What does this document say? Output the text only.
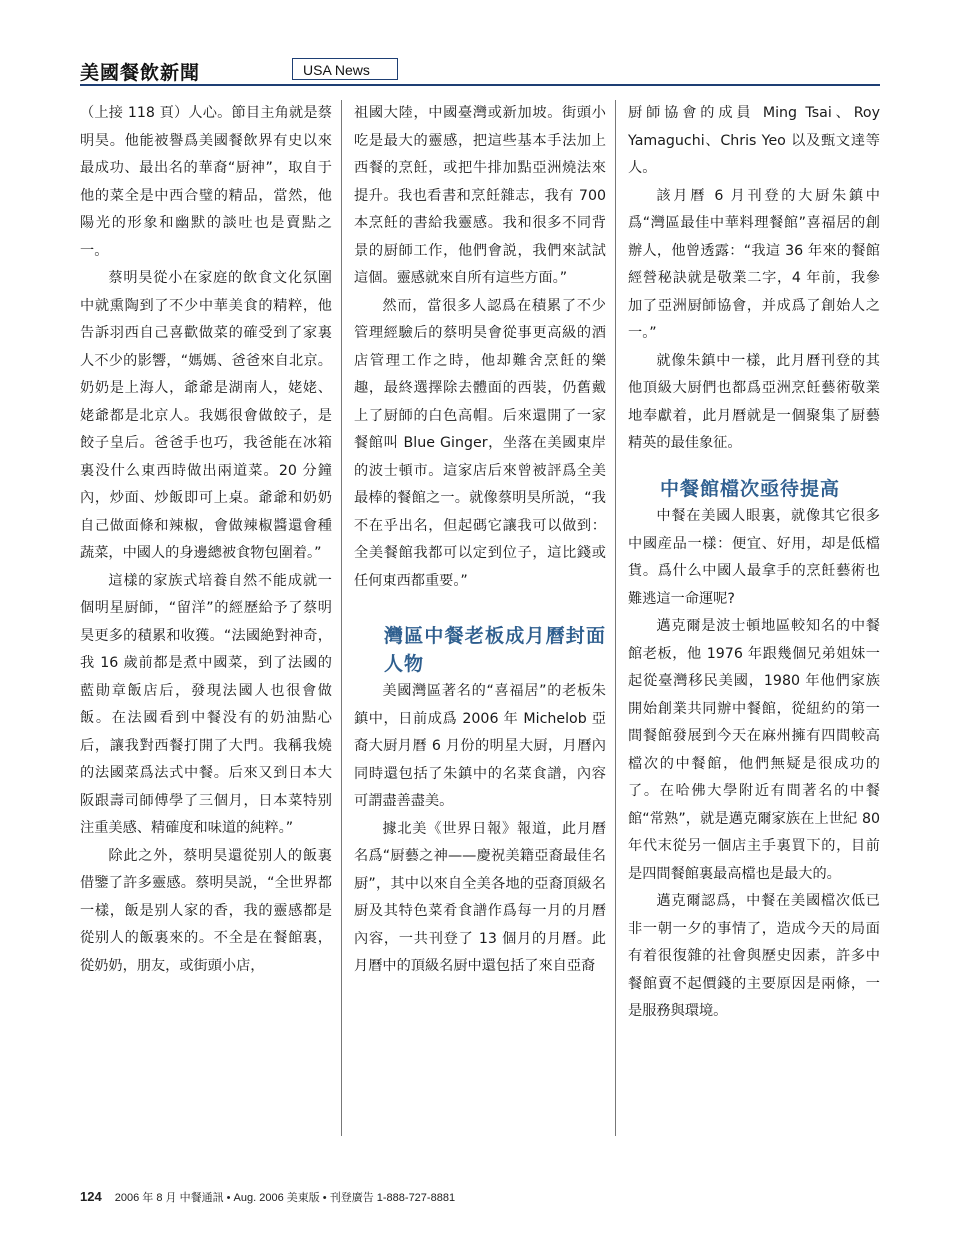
美國餐飲新聞	USA News

（上接 118 頁）人心。節目主角就是蔡明昊。他能被譽爲美國餐飲界有史以來最成功、最出名的華裔“厨神”，取自于他的菜全是中西合璧的精品，當然，他陽光的形象和幽默的談吐也是賣點之一。

蔡明昊從小在家庭的飲食文化氛圍中就熏陶到了不少中華美食的精粹，他告訴羽西自己喜歡做菜的確受到了家裏人不少的影響，“媽媽、爸爸來自北京。奶奶是上海人，爺爺是湖南人，姥姥、姥爺都是北京人。我媽很會做餃子，是餃子皇后。爸爸手也巧，我爸能在冰箱裏没什么東西時做出兩道菜。20 分鐘內，炒面、炒飯即可上桌。爺爺和奶奶自己做面條和辣椒，會做辣椒醬還會種蔬菜，中國人的身邊總被食物包圍着。”

這樣的家族式培養自然不能成就一個明星厨師，“留洋”的經歷給予了蔡明昊更多的積累和收獲。“法國絶對神奇，我 16 歲前都是煮中國菜，到了法國的藍勛章飯店后，發現法國人也很會做飯。在法國看到中餐没有的奶油點心后，讓我對西餐打開了大門。我稱我燒的法國菜爲法式中餐。后來又到日本大阪跟壽司師傅學了三個月，日本菜特别注重美感、精確度和味道的純粹。”

除此之外，蔡明昊還從别人的飯裏借鑒了許多靈感。蔡明昊説，“全世界都一樣，飯是别人家的香，我的靈感都是從别人的飯裏來的。不全是在餐館裏，從奶奶，朋友，或街頭小店，

祖國大陸，中國臺灣或新加坡。街頭小吃是最大的靈感，把這些基本手法加上西餐的烹飪，或把牛排加點亞洲燒法來提升。我也看書和烹飪雜志，我有 700 本烹飪的書給我靈感。我和很多不同背景的厨師工作，他們會説，我們來試試這個。靈感就來自所有這些方面。”

然而，當很多人認爲在積累了不少管理經驗后的蔡明昊會從事更高級的酒店管理工作之時，他却難舍烹飪的樂趣，最終選擇除去體面的西裝，仍舊戴上了厨師的白色高帽。后來還開了一家餐館叫 Blue Ginger，坐落在美國東岸的波士頓市。這家店后來曾被評爲全美最棒的餐館之一。就像蔡明昊所説，“我不在乎出名，但起碼它讓我可以做到：全美餐館我都可以定到位子，這比錢或任何東西都重要。”

灣區中餐老板成月曆封面人物

美國灣區著名的“喜福居”的老板朱鎮中，日前成爲 2006 年 Michelob 亞裔大厨月曆 6 月份的明星大厨，月曆內同時還包括了朱鎮中的名菜食譜，內容可謂盡善盡美。

據北美《世界日報》報道，此月曆名爲“厨藝之神——慶祝美籍亞裔最佳名厨”，其中以來自全美各地的亞裔頂級名厨及其特色菜肴食譜作爲每一月的月曆內容，一共刊登了 13 個月的月曆。此月曆中的頂級名厨中還包括了來自亞裔

厨師協會的成員 Ming Tsai、Roy Yamaguchi、Chris Yeo 以及甄文達等人。

該月曆 6 月刊登的大厨朱鎮中爲“灣區最佳中華料理餐館”喜福居的創辦人，他曾透露：“我這 36 年來的餐館經營秘訣就是敬業二字，4 年前，我參加了亞洲厨師協會，并成爲了創始人之一。”

就像朱鎮中一樣，此月曆刊登的其他頂級大厨們也都爲亞洲烹飪藝術敬業地奉獻着，此月曆就是一個聚集了厨藝精英的最佳象征。

中餐館檔次亟待提高

中餐在美國人眼裏，就像其它很多中國産品一樣：便宜、好用，却是低檔貨。爲什么中國人最拿手的烹飪藝術也難逃這一命運呢?

邁克爾是波士頓地區較知名的中餐館老板，他 1976 年跟幾個兄弟姐妹一起從臺灣移民美國，1980 年他們家族開始創業共同辦中餐館，從紐約的第一間餐館發展到今天在麻州擁有四間較高檔次的中餐館，他們無疑是很成功的了。在哈佛大學附近有間著名的中餐館“常熟”，就是邁克爾家族在上世紀 80 年代末從另一個店主手裏買下的，目前是四間餐館裏最高檔也是最大的。

邁克爾認爲，中餐在美國檔次低已非一朝一夕的事情了，造成今天的局面有着很復雜的社會與歷史因素，許多中餐館賣不起價錢的主要原因是兩條，一是服務與環境。

124 2006 年 8 月 中餐通訊 • Aug. 2006 美東版 • 刊登廣告 1-888-727-8881
